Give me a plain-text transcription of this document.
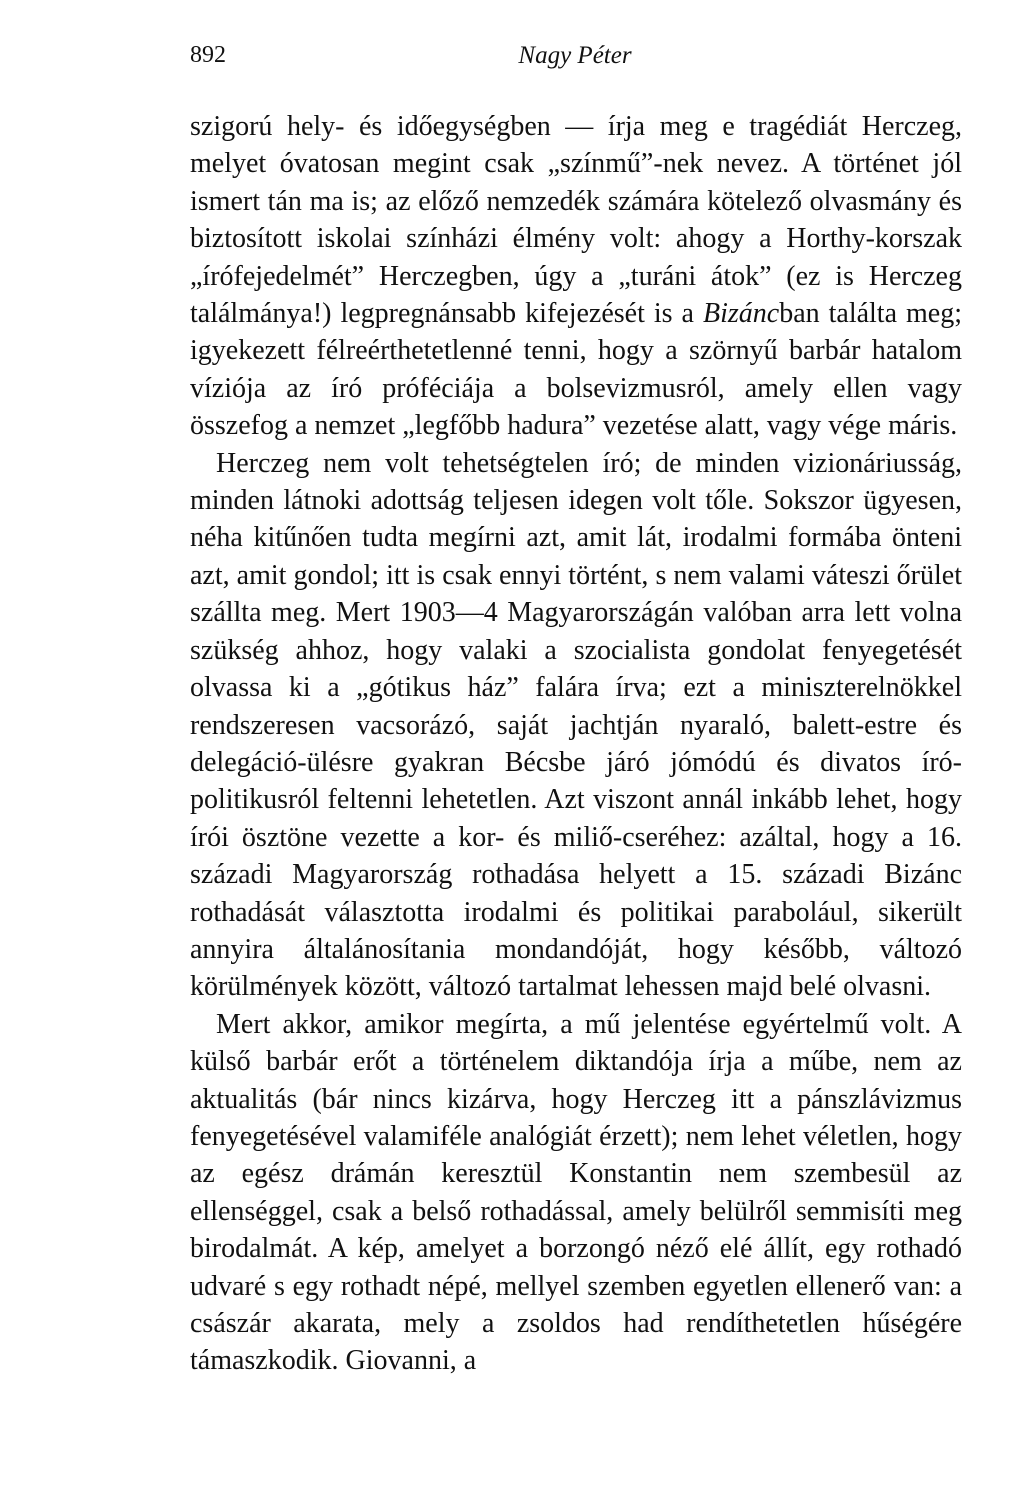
892	Nagy Péter

szigorú hely- és időegységben — írja meg e tragédiát Herczeg, melyet óvatosan megint csak „színmű”-nek nevez. A történet jól ismert tán ma is; az előző nemzedék számára kötelező olvasmány és biztosított iskolai színházi élmény volt: ahogy a Horthy-korszak „írófejedelmét” Herczegben, úgy a „turáni átok” (ez is Herczeg találmánya!) legpregnánsabb kifejezését is a Bizáncban találta meg; igyekezett félreérthetetlenné tenni, hogy a szörnyű barbár hatalom víziója az író próféciája a bolsevizmusról, amely ellen vagy összefog a nemzet „legfőbb hadura” vezetése alatt, vagy vége máris.

Herczeg nem volt tehetségtelen író; de minden vizionáriusság, minden látnoki adottság teljesen idegen volt tőle. Sokszor ügyesen, néha kitűnően tudta megírni azt, amit lát, irodalmi formába önteni azt, amit gondol; itt is csak ennyi történt, s nem valami váteszi őrület szállta meg. Mert 1903—4 Magyarországán valóban arra lett volna szükség ahhoz, hogy valaki a szocialista gondolat fenyegetését olvassa ki a „gótikus ház” falára írva; ezt a miniszterelnökkel rendszeresen vacsorázó, saját jachtján nyaraló, balett-estre és delegáció-ülésre gyakran Bécsbe járó jómódú és divatos író-politikusról feltenni lehetetlen. Azt viszont annál inkább lehet, hogy írói ösztöne vezette a kor- és miliő-cseréhez: azáltal, hogy a 16. századi Magyarország rothadása helyett a 15. századi Bizánc rothadását választotta irodalmi és politikai parabolául, sikerült annyira általánosítania mondandóját, hogy később, változó körülmények között, változó tartalmat lehessen majd belé olvasni.

Mert akkor, amikor megírta, a mű jelentése egyértelmű volt. A külső barbár erőt a történelem diktandója írja a műbe, nem az aktualitás (bár nincs kizárva, hogy Herczeg itt a pánszlávizmus fenyegetésével valamiféle analógiát érzett); nem lehet véletlen, hogy az egész drámán keresztül Konstantin nem szembesül az ellenséggel, csak a belső rothadással, amely belülről semmisíti meg birodalmát. A kép, amelyet a borzongó néző elé állít, egy rothadó udvaré s egy rothadt népé, mellyel szemben egyetlen ellenerő van: a császár akarata, mely a zsoldos had rendíthetetlen hűségére támaszkodik. Giovanni, a
